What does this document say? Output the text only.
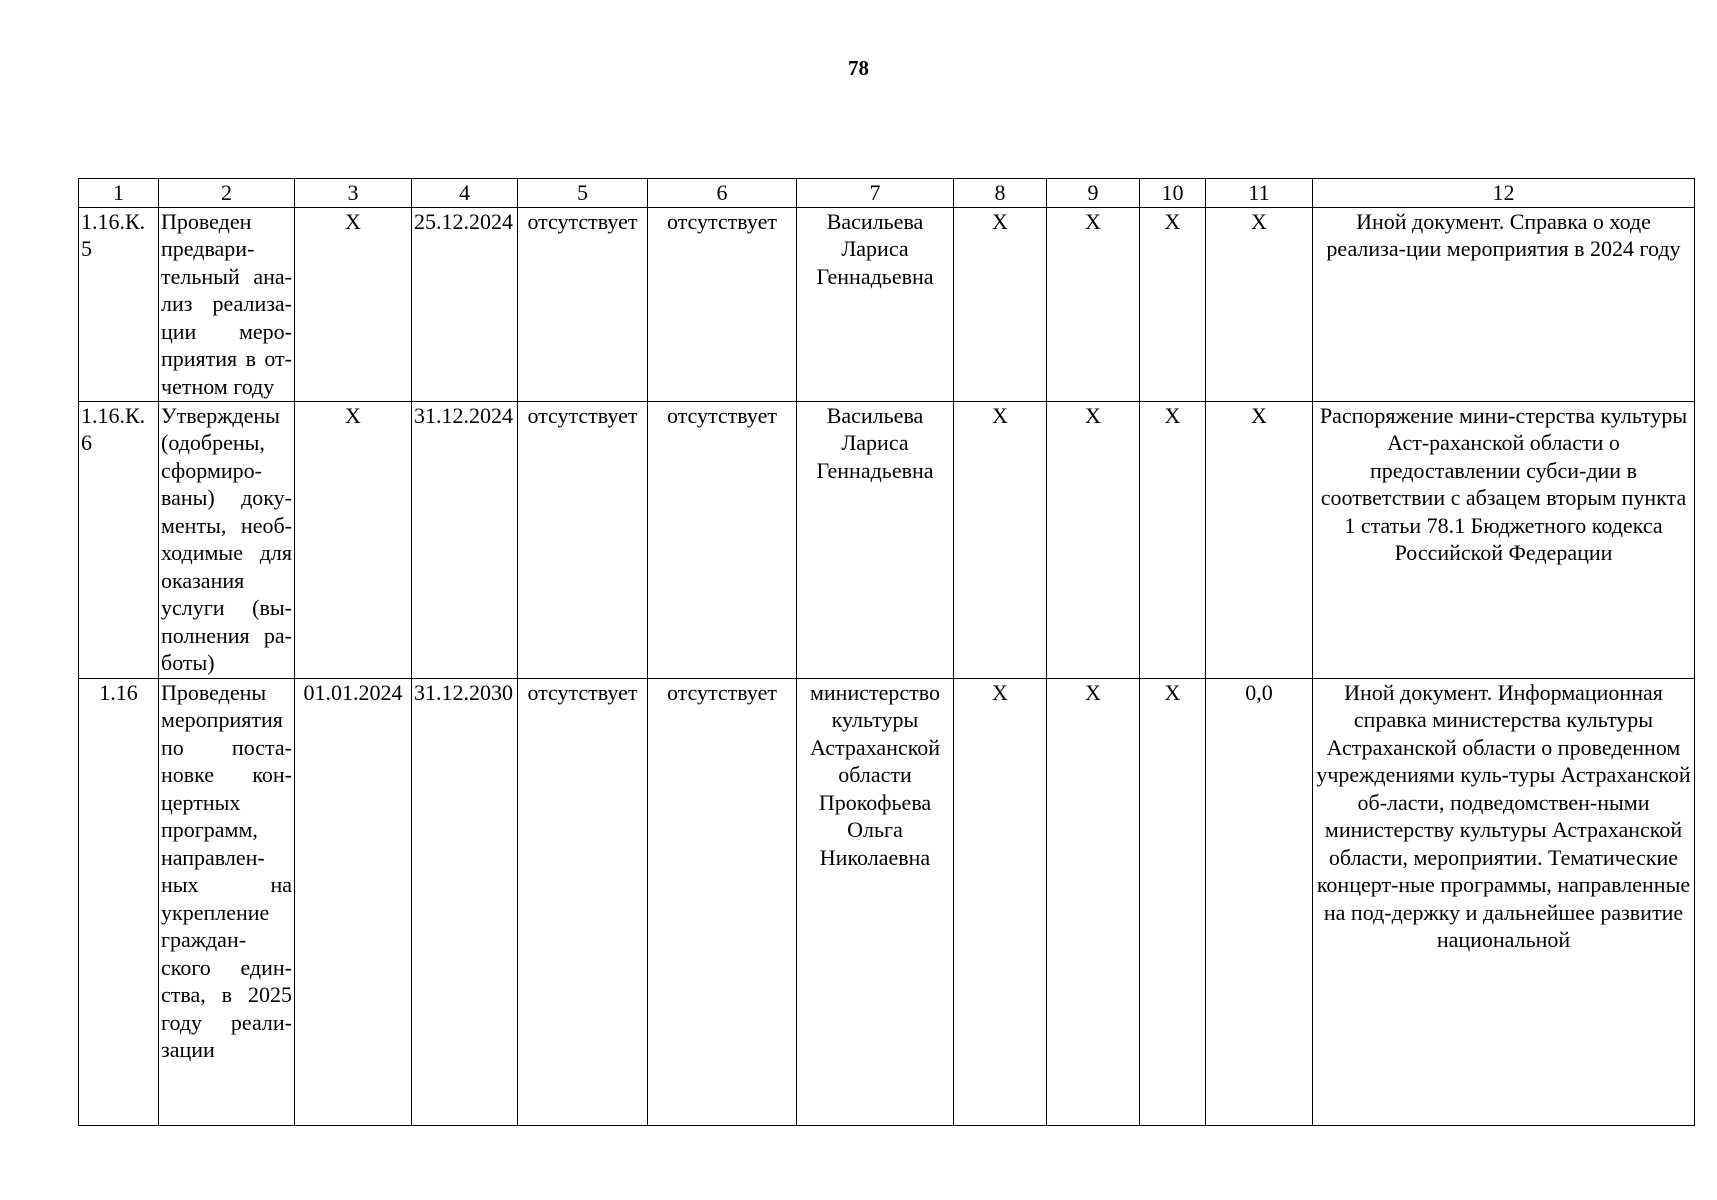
78
1	2	3	4	5	6	7	8	9	10	11	12
1.16.К.5	Проведен предвари-тельный ана-лиз реализа-ции меро-приятия в от-четном году	X	25.12.2024	отсутствует	отсутствует	Васильева Лариса Геннадьевна	X	X	X	X	Иной документ. Справка о ходе реализа-ции мероприятия в 2024 году
1.16.К.6	Утверждены (одобрены, сформиро-ваны) доку-менты, необ-ходимые для оказания услуги (вы-полнения ра-боты)	X	31.12.2024	отсутствует	отсутствует	Васильева Лариса Геннадьевна	X	X	X	X	Распоряжение мини-стерства культуры Аст-раханской области о предоставлении субси-дии в соответствии с абзацем вторым пункта 1 статьи 78.1 Бюджетного кодекса Российской Федерации
1.16	Проведены мероприятия по поста-новке кон-цертных программ, направлен-ных на укрепление граждан-ского един-ства, в 2025 году реали-зации	01.01.2024	31.12.2030	отсутствует	отсутствует	министерство культуры Астраханской области Прокофьева Ольга Николаевна	X	X	X	0,0	Иной документ. Информационная справка министерства культуры Астраханской области о проведенном учреждениями куль-туры Астраханской об-ласти, подведомствен-ными министерству культуры Астраханской области, мероприятии. Тематические концерт-ные программы, направленные на под-держку и дальнейшее развитие национальной
